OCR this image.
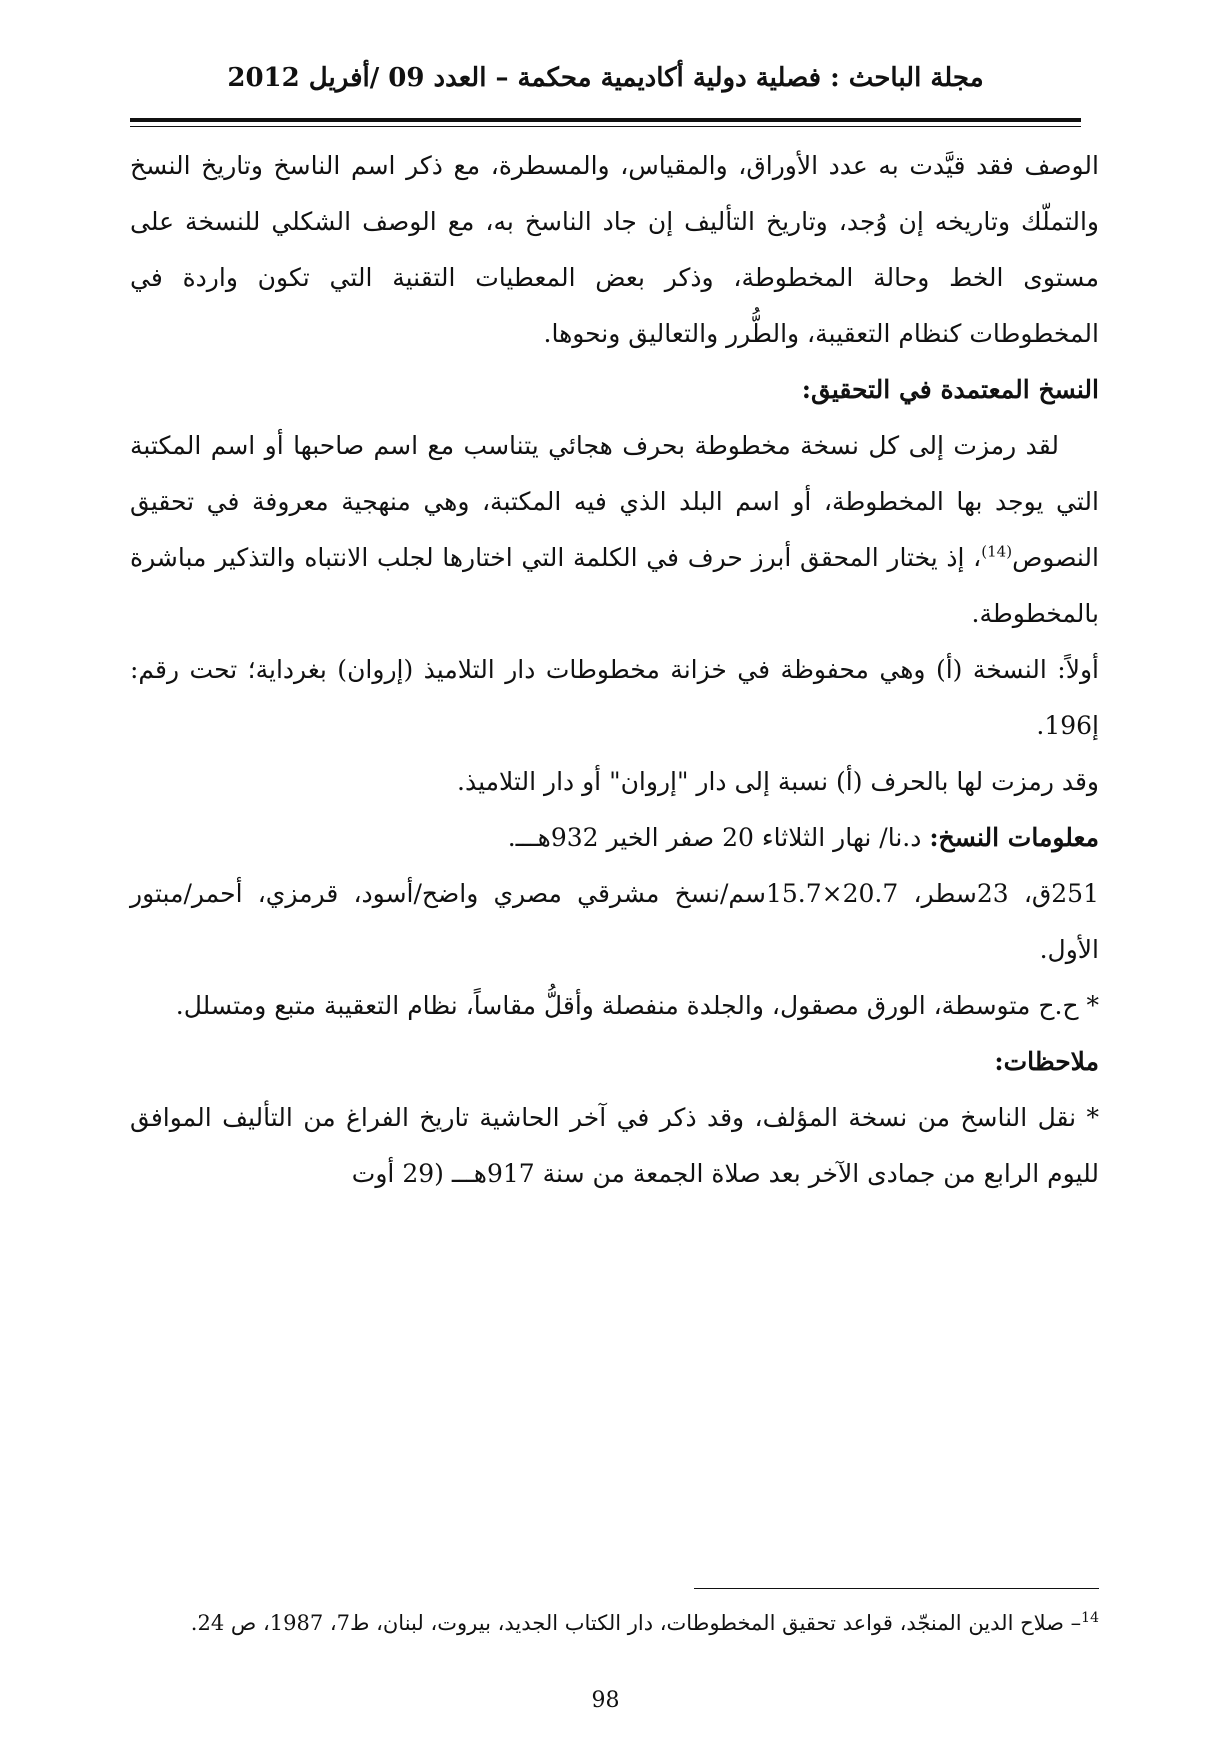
مجلة الباحث : فصلية دولية أكاديمية محكمة – العدد 09 /أفريل 2012

الوصف فقد قيَّدت به عدد الأوراق، والمقياس، والمسطرة، مع ذكر اسم الناسخ وتاريخ النسخ والتملّك وتاريخه إن وُجد، وتاريخ التأليف إن جاد الناسخ به، مع الوصف الشكلي للنسخة على مستوى الخط وحالة المخطوطة، وذكر بعض المعطيات التقنية التي تكون واردة في المخطوطات كنظام التعقيبة، والطُّرر والتعاليق ونحوها.

النسخ المعتمدة في التحقيق:

لقد رمزت إلى كل نسخة مخطوطة بحرف هجائي يتناسب مع اسم صاحبها أو اسم المكتبة التي يوجد بها المخطوطة، أو اسم البلد الذي فيه المكتبة، وهي منهجية معروفة في تحقيق النصوص$^{(14)}$، إذ يختار المحقق أبرز حرف في الكلمة التي اختارها لجلب الانتباه والتذكير مباشرة بالمخطوطة.

أولاً: النسخة (أ) وهي محفوظة في خزانة مخطوطات دار التلاميذ (إروان) بغرداية؛ تحت رقم: إ196.

وقد رمزت لها بالحرف (أ) نسبة إلى دار "إروان" أو دار التلاميذ.

معلومات النسخ: د.نا/ نهار الثلاثاء 20 صفر الخير 932هـــ.

251ق، 23سطر، 20.7×15.7سم/نسخ مشرقي مصري واضح/أسود، قرمزي، أحمر/مبتور الأول.

* ح.ح متوسطة، الورق مصقول، والجلدة منفصلة وأقلُّ مقاساً، نظام التعقيبة متبع ومتسلل.

ملاحظات:

* نقل الناسخ من نسخة المؤلف، وقد ذكر في آخر الحاشية تاريخ الفراغ من التأليف الموافق لليوم الرابع من جمادى الآخر بعد صلاة الجمعة من سنة 917هـــ (29 أوت

$^{14}$– صلاح الدين المنجّد، قواعد تحقيق المخطوطات، دار الكتاب الجديد، بيروت، لبنان، ط7، 1987، ص 24.
98
